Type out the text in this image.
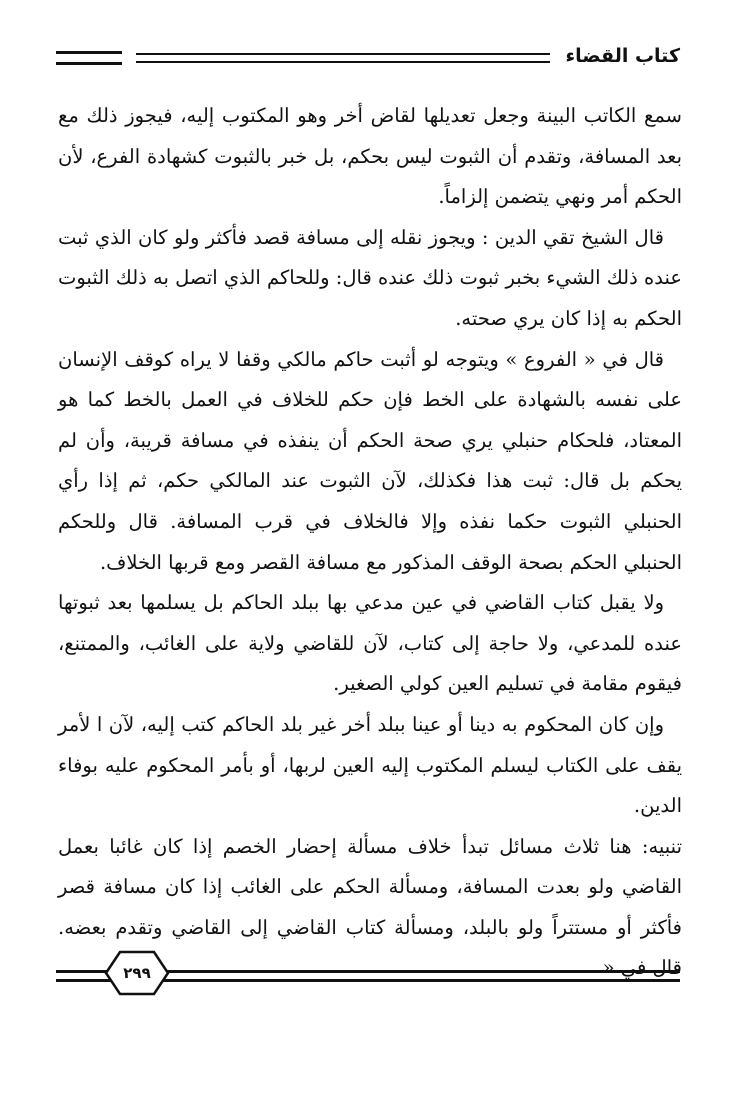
كتاب القضاء

سمع الكاتب البينة وجعل تعديلها لقاض أخر وهو المكتوب إليه، فيجوز ذلك مع بعد المسافة، وتقدم أن الثبوت ليس بحكم، بل خبر بالثبوت كشهادة الفرع، لأن الحكم أمر ونهي يتضمن إلزاماً.

قال الشيخ تقي الدين : ويجوز نقله إلى مسافة قصد فأكثر ولو كان الذي ثبت عنده ذلك الشيء بخبر ثبوت ذلك عنده قال: وللحاكم الذي اتصل به ذلك الثبوت الحكم به إذا كان يري صحته.

قال في « الفروع » ويتوجه لو أثبت حاكم مالكي وقفا لا يراه كوقف الإنسان على نفسه بالشهادة على الخط فإن حكم للخلاف في العمل بالخط كما هو المعتاد، فلحكام حنبلي يري صحة الحكم أن ينفذه في مسافة قريبة، وأن لم يحكم بل قال: ثبت هذا فكذلك، لآن الثبوت عند المالكي حكم، ثم إذا رأي الحنبلي الثبوت حكما نفذه وإلا فالخلاف في قرب المسافة. قال وللحكم الحنبلي الحكم بصحة الوقف المذكور مع مسافة القصر ومع قربها الخلاف.

ولا يقبل كتاب القاضي في عين مدعي بها ببلد الحاكم بل يسلمها بعد ثبوتها عنده للمدعي، ولا حاجة إلى كتاب، لآن للقاضي ولاية على الغائب، والممتنع، فيقوم مقامة في تسليم العين كولي الصغير.

وإن كان المحكوم به دينا أو عينا ببلد أخر غير بلد الحاكم كتب إليه، لآن ا لأمر يقف على الكتاب ليسلم المكتوب إليه العين لربها، أو بأمر المحكوم عليه بوفاء الدين.

تنبيه: هنا ثلاث مسائل تبدأ خلاف مسألة إحضار الخصم إذا كان غائبا بعمل القاضي ولو بعدت المسافة، ومسألة الحكم على الغائب إذا كان مسافة قصر فأكثر أو مستتراً ولو بالبلد، ومسألة كتاب القاضي إلى القاضي وتقدم بعضه. قال في «

٢٩٩
